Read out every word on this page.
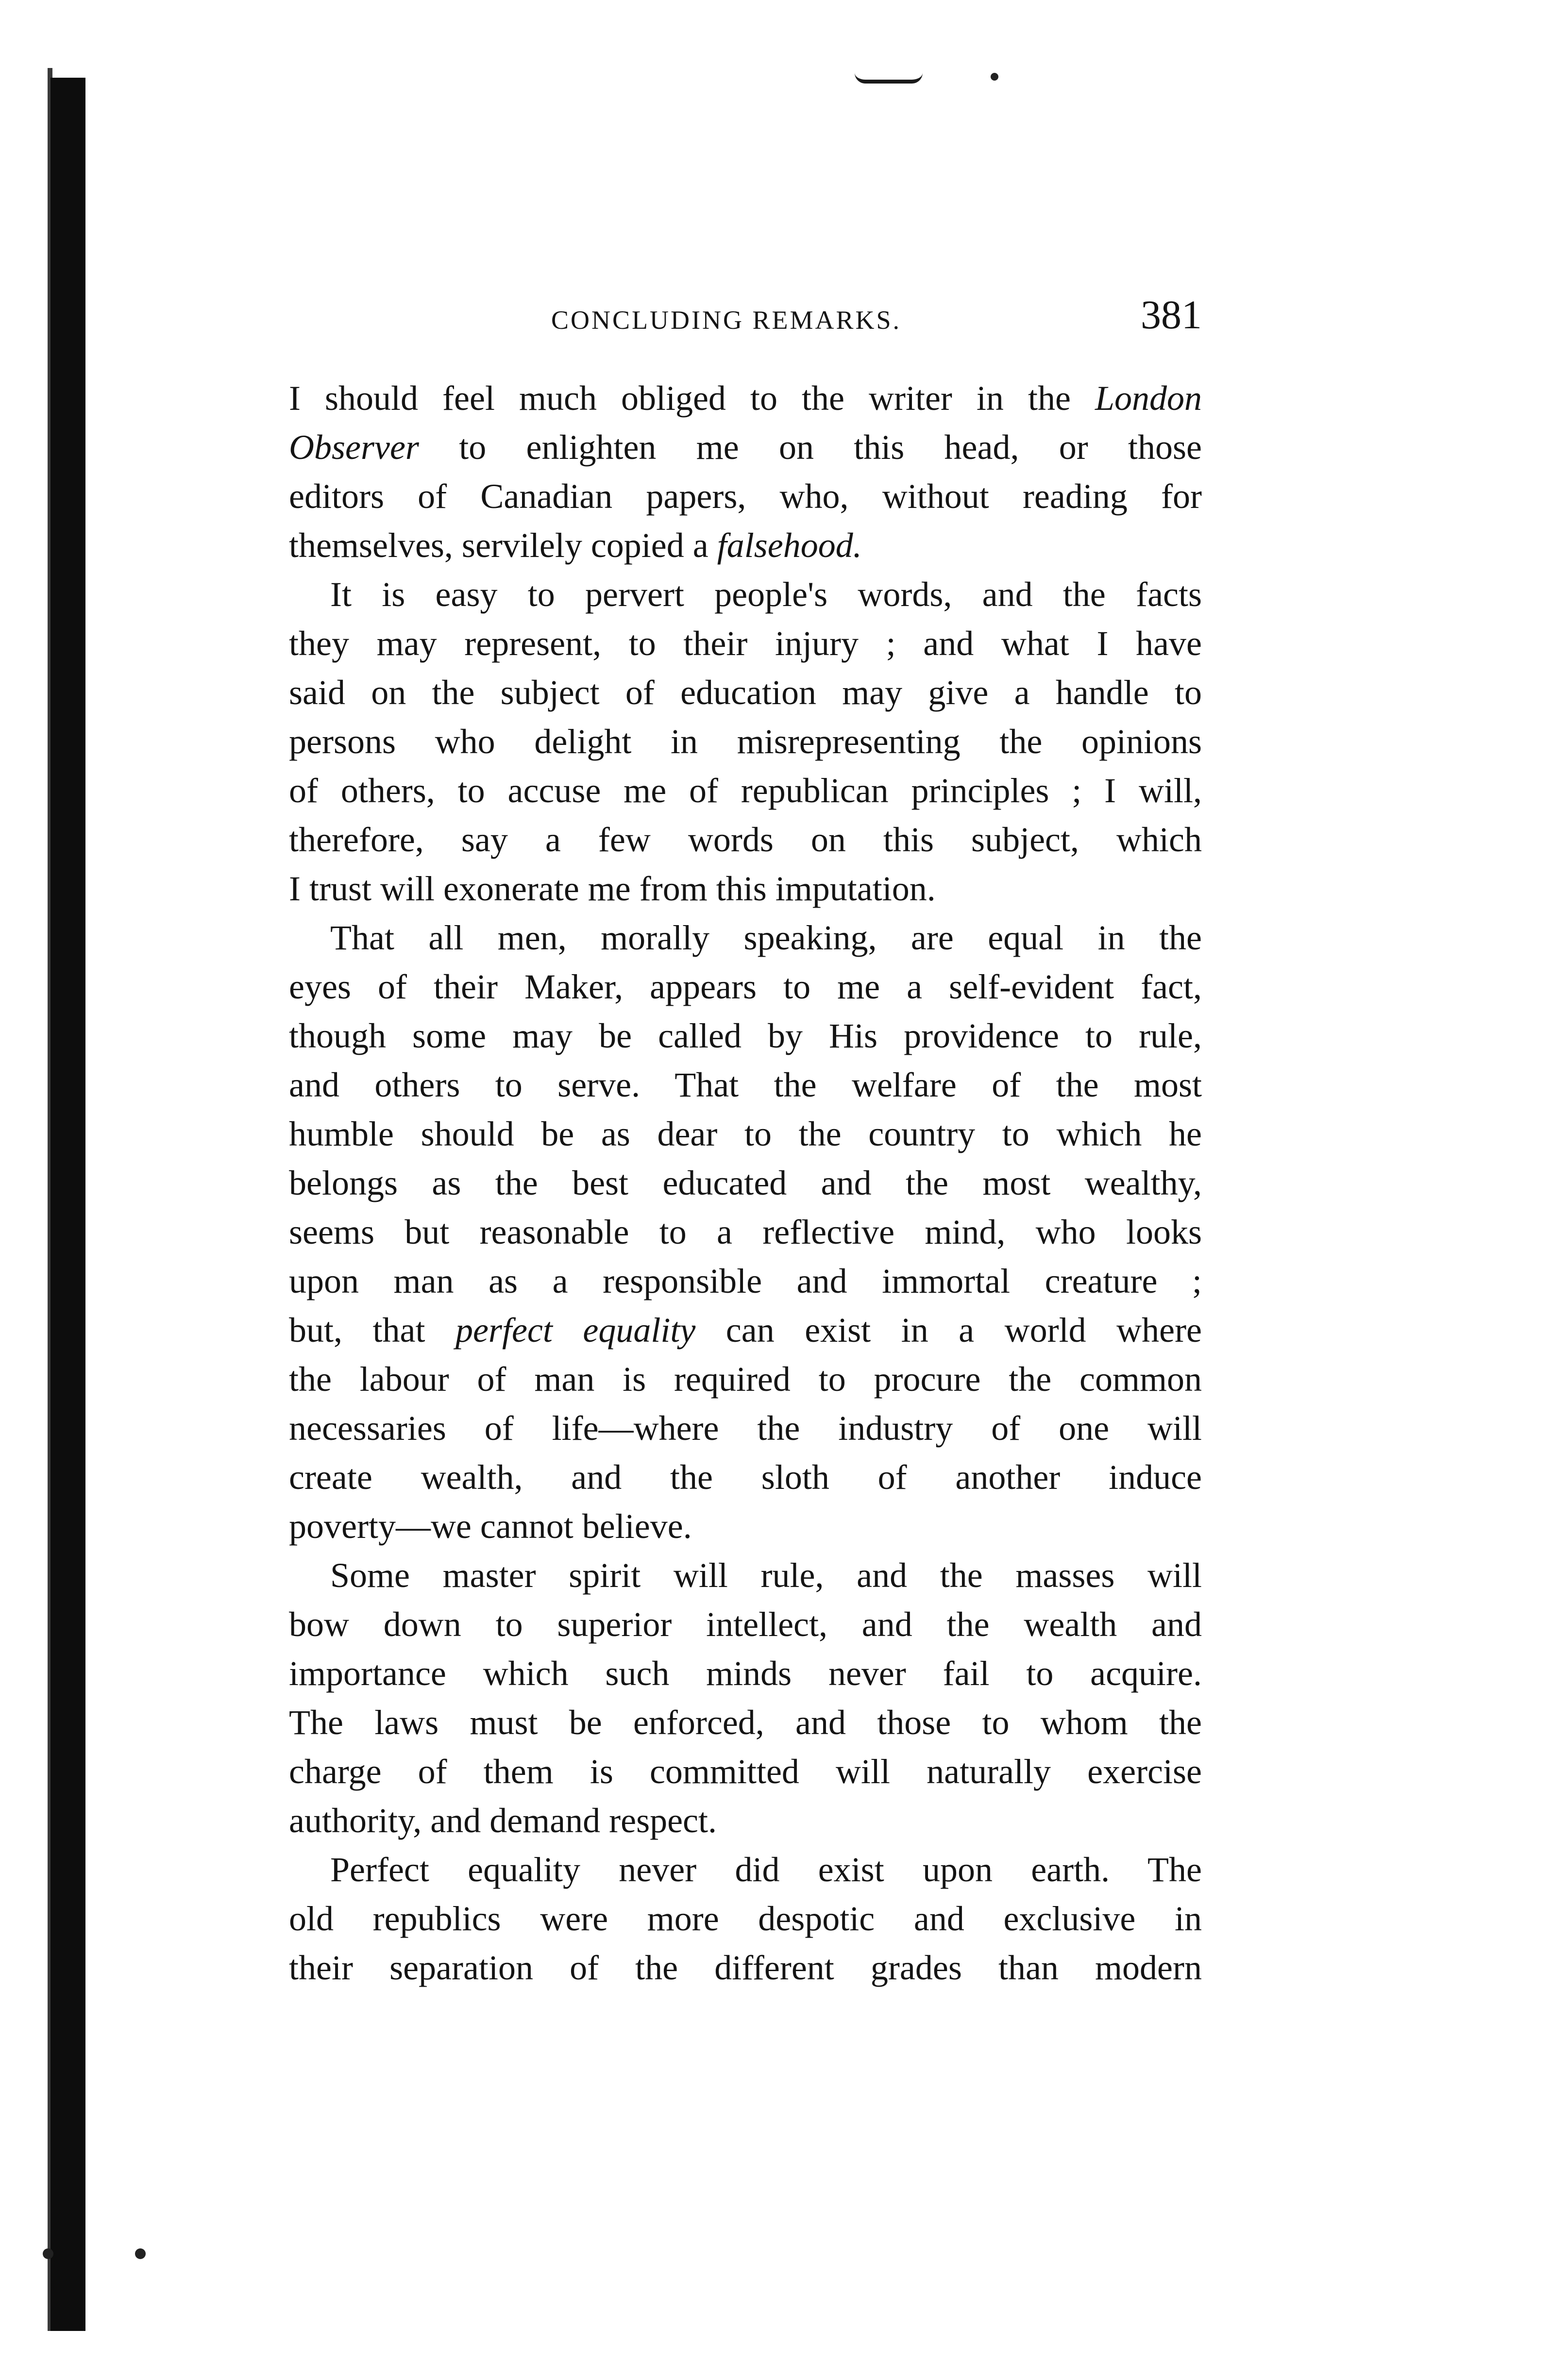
CONCLUDING REMARKS.	381
I should feel much obliged to the writer in the London
Observer to enlighten me on this head, or those
editors of Canadian papers, who, without reading for
themselves, servilely copied a falsehood.
It is easy to pervert people's words, and the facts
they may represent, to their injury ; and what I have
said on the subject of education may give a handle to
persons who delight in misrepresenting the opinions
of others, to accuse me of republican principles ; I will,
therefore, say a few words on this subject, which
I trust will exonerate me from this imputation.
That all men, morally speaking, are equal in the
eyes of their Maker, appears to me a self-evident fact,
though some may be called by His providence to rule,
and others to serve. That the welfare of the most
humble should be as dear to the country to which he
belongs as the best educated and the most wealthy,
seems but reasonable to a reflective mind, who looks
upon man as a responsible and immortal creature ;
but, that perfect equality can exist in a world where
the labour of man is required to procure the common
necessaries of life—where the industry of one will
create wealth, and the sloth of another induce
poverty—we cannot believe.
Some master spirit will rule, and the masses will
bow down to superior intellect, and the wealth and
importance which such minds never fail to acquire.
The laws must be enforced, and those to whom the
charge of them is committed will naturally exercise
authority, and demand respect.
Perfect equality never did exist upon earth. The
old republics were more despotic and exclusive in
their separation of the different grades than modern
